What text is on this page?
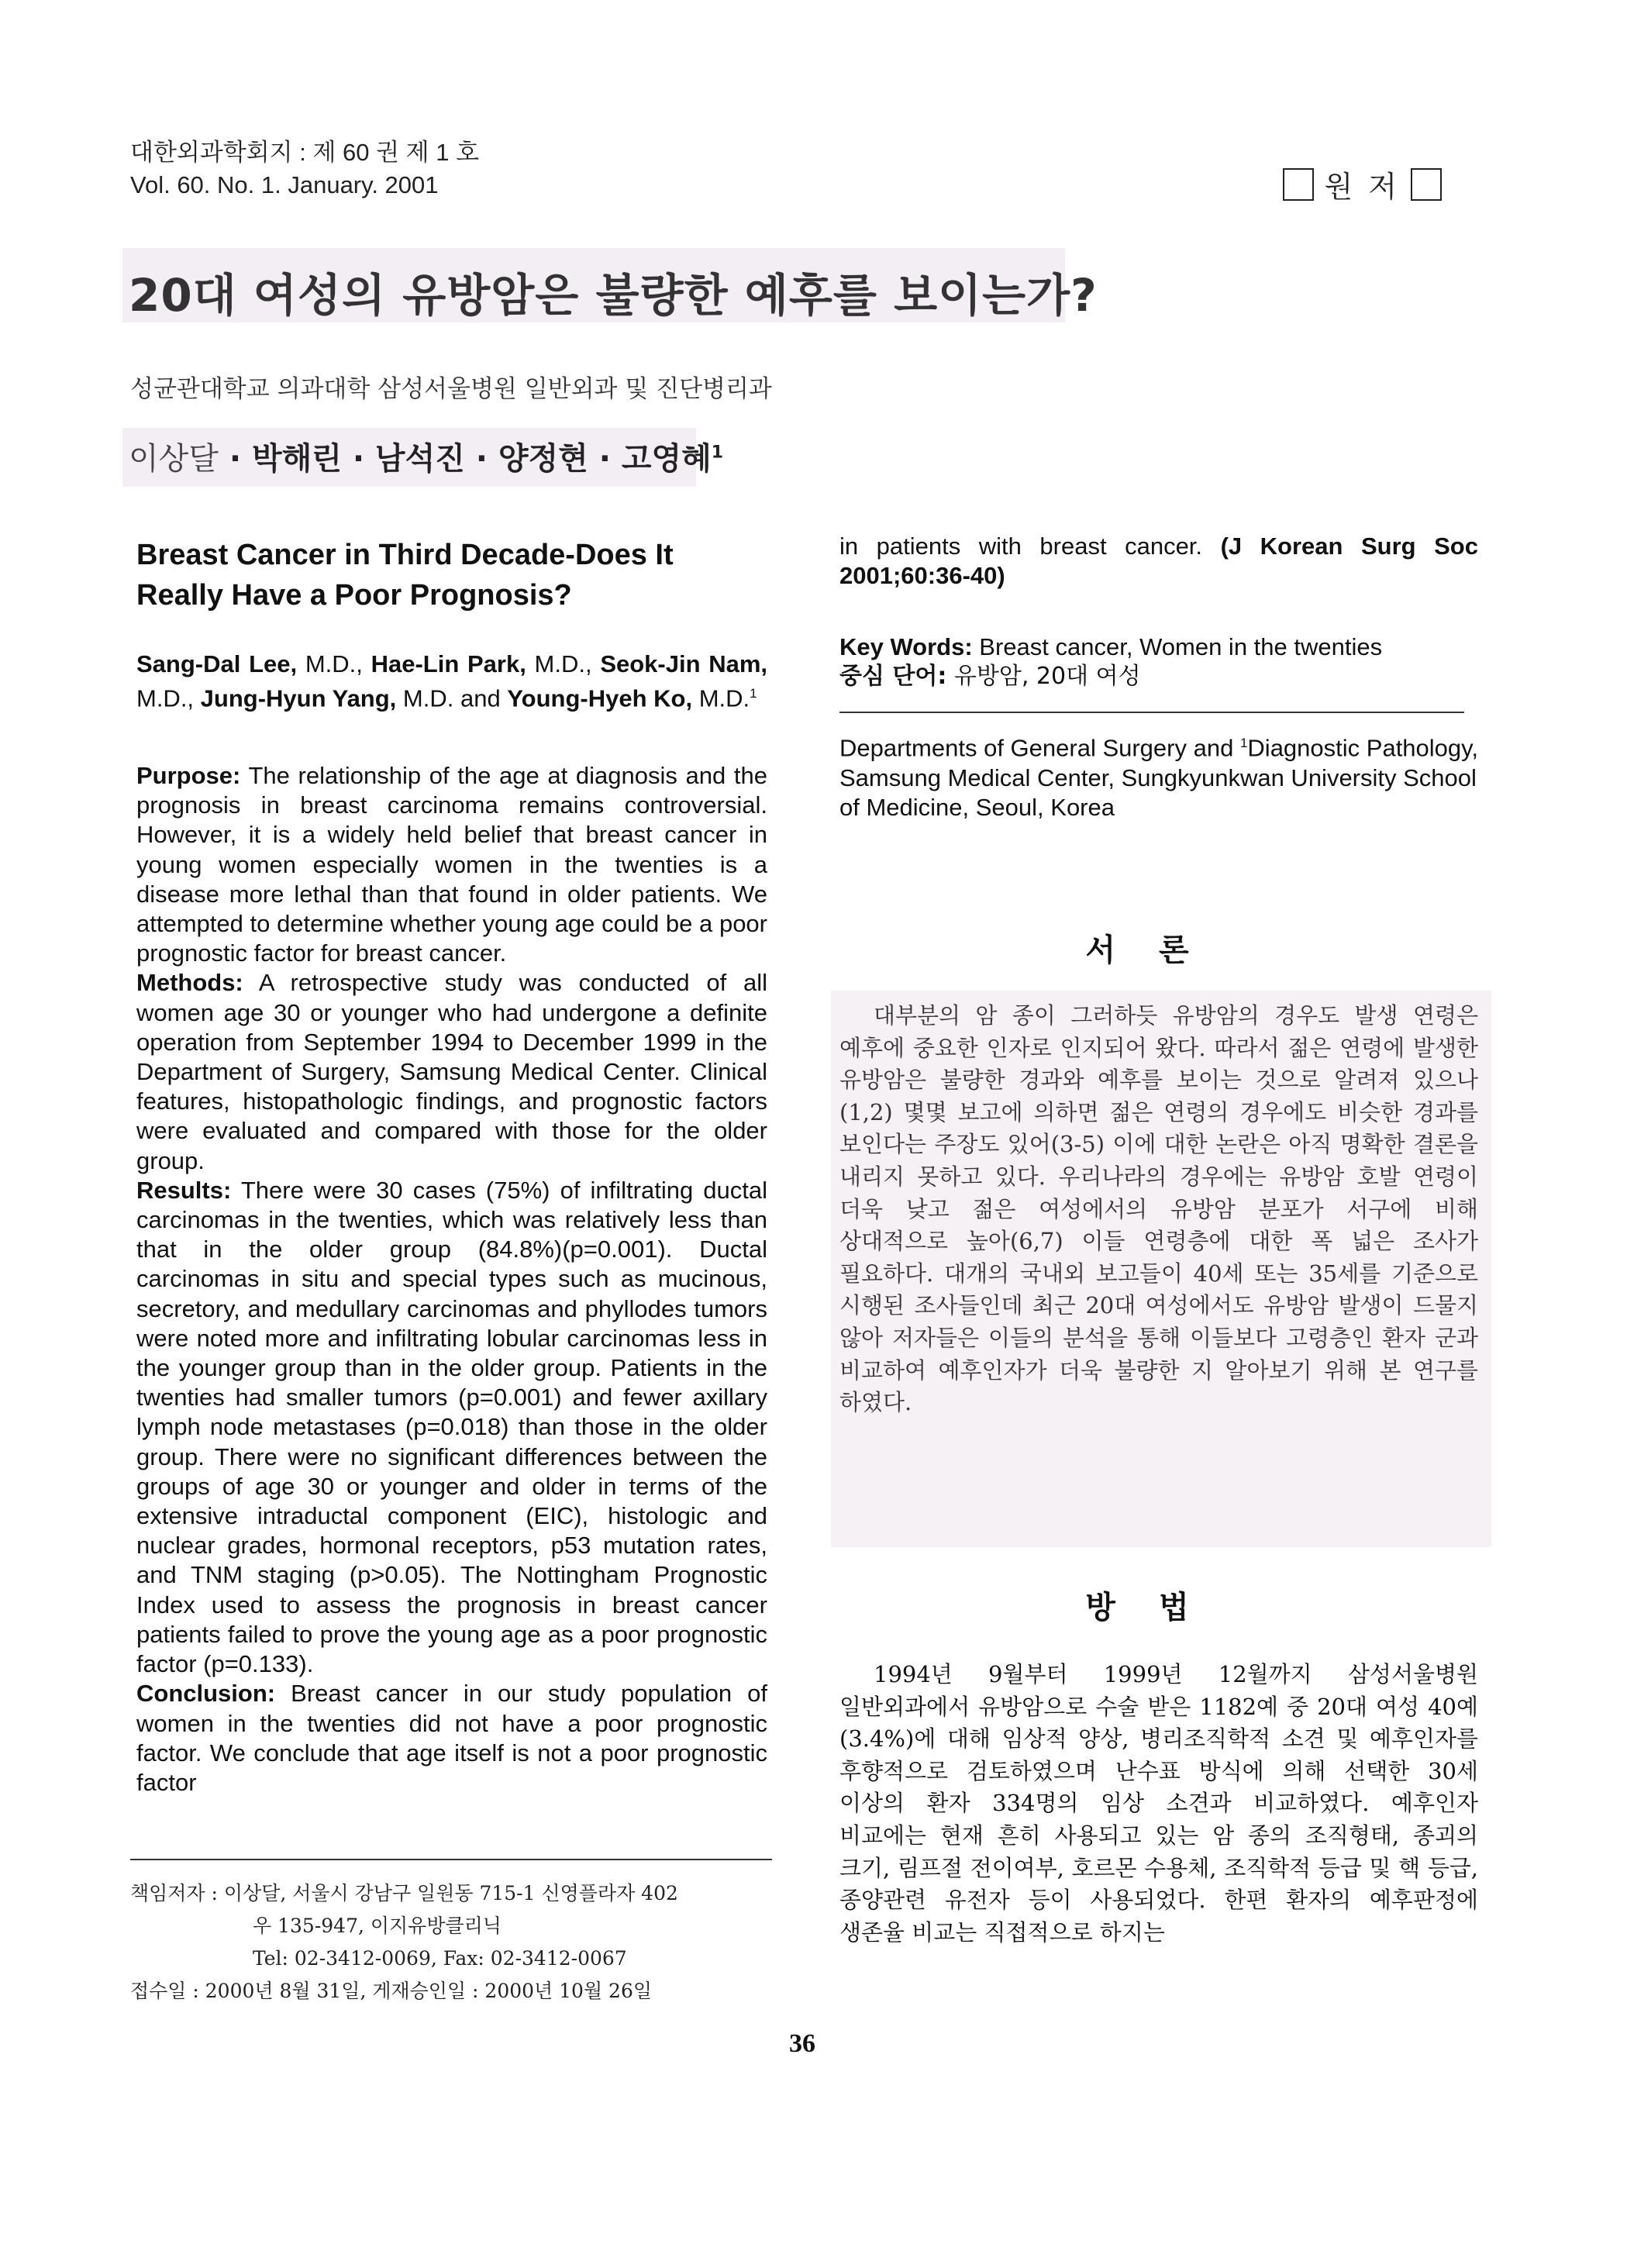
대한외과학회지 : 제 60 권 제 1 호
Vol. 60. No. 1. January. 2001	원 저
20대 여성의 유방암은 불량한 예후를 보이는가?
성균관대학교 의과대학 삼성서울병원 일반외과 및 진단병리과
이상달 · 박해린 · 남석진 · 양정현 · 고영혜$^1$
Breast Cancer in Third Decade-Does It Really Have a Poor Prognosis?
Sang-Dal Lee, M.D., Hae-Lin Park, M.D., Seok-Jin Nam, M.D., Jung-Hyun Yang, M.D. and Young-Hyeh Ko, M.D.$^1$

Purpose: The relationship of the age at diagnosis and the prognosis in breast carcinoma remains controversial. However, it is a widely held belief that breast cancer in young women especially women in the twenties is a disease more lethal than that found in older patients. We attempted to determine whether young age could be a poor prognostic factor for breast cancer.

Methods: A retrospective study was conducted of all women age 30 or younger who had undergone a definite operation from September 1994 to December 1999 in the Department of Surgery, Samsung Medical Center. Clinical features, histopathologic findings, and prognostic factors were evaluated and compared with those for the older group.

Results: There were 30 cases (75%) of infiltrating ductal carcinomas in the twenties, which was relatively less than that in the older group (84.8%)(p=0.001). Ductal carcinomas in situ and special types such as mucinous, secretory, and medullary carcinomas and phyllodes tumors were noted more and infiltrating lobular carcinomas less in the younger group than in the older group. Patients in the twenties had smaller tumors (p=0.001) and fewer axillary lymph node metastases (p=0.018) than those in the older group. There were no significant differences between the groups of age 30 or younger and older in terms of the extensive intraductal component (EIC), histologic and nuclear grades, hormonal receptors, p53 mutation rates, and TNM staging (p>0.05). The Nottingham Prognostic Index used to assess the prognosis in breast cancer patients failed to prove the young age as a poor prognostic factor (p=0.133).

Conclusion: Breast cancer in our study population of women in the twenties did not have a poor prognostic factor. We conclude that age itself is not a poor prognostic factor

책임저자 : 이상달, 서울시 강남구 일원동 715-1 신영플라자 402
우 135-947, 이지유방클리닉
Tel: 02-3412-0069, Fax: 02-3412-0067
접수일 : 2000년 8월 31일, 게재승인일 : 2000년 10월 26일
36
in patients with breast cancer. (J Korean Surg Soc 2001;60:36-40)
Key Words: Breast cancer, Women in the twenties
중심 단어: 유방암, 20대 여성
Departments of General Surgery and $^1$Diagnostic Pathology, Samsung Medical Center, Sungkyunkwan University School of Medicine, Seoul, Korea
서론

대부분의 암 종이 그러하듯 유방암의 경우도 발생 연령은 예후에 중요한 인자로 인지되어 왔다. 따라서 젊은 연령에 발생한 유방암은 불량한 경과와 예후를 보이는 것으로 알려져 있으나(1,2) 몇몇 보고에 의하면 젊은 연령의 경우에도 비슷한 경과를 보인다는 주장도 있어(3-5) 이에 대한 논란은 아직 명확한 결론을 내리지 못하고 있다. 우리나라의 경우에는 유방암 호발 연령이 더욱 낮고 젊은 여성에서의 유방암 분포가 서구에 비해 상대적으로 높아(6,7) 이들 연령층에 대한 폭 넓은 조사가 필요하다. 대개의 국내외 보고들이 40세 또는 35세를 기준으로 시행된 조사들인데 최근 20대 여성에서도 유방암 발생이 드물지 않아 저자들은 이들의 분석을 통해 이들보다 고령층인 환자 군과 비교하여 예후인자가 더욱 불량한 지 알아보기 위해 본 연구를 하였다.

방법

1994년 9월부터 1999년 12월까지 삼성서울병원 일반외과에서 유방암으로 수술 받은 1182예 중 20대 여성 40예(3.4%)에 대해 임상적 양상, 병리조직학적 소견 및 예후인자를 후향적으로 검토하였으며 난수표 방식에 의해 선택한 30세 이상의 환자 334명의 임상 소견과 비교하였다. 예후인자 비교에는 현재 흔히 사용되고 있는 암 종의 조직형태, 종괴의 크기, 림프절 전이여부, 호르몬 수용체, 조직학적 등급 및 핵 등급, 종양관련 유전자 등이 사용되었다. 한편 환자의 예후판정에 생존율 비교는 직접적으로 하지는
